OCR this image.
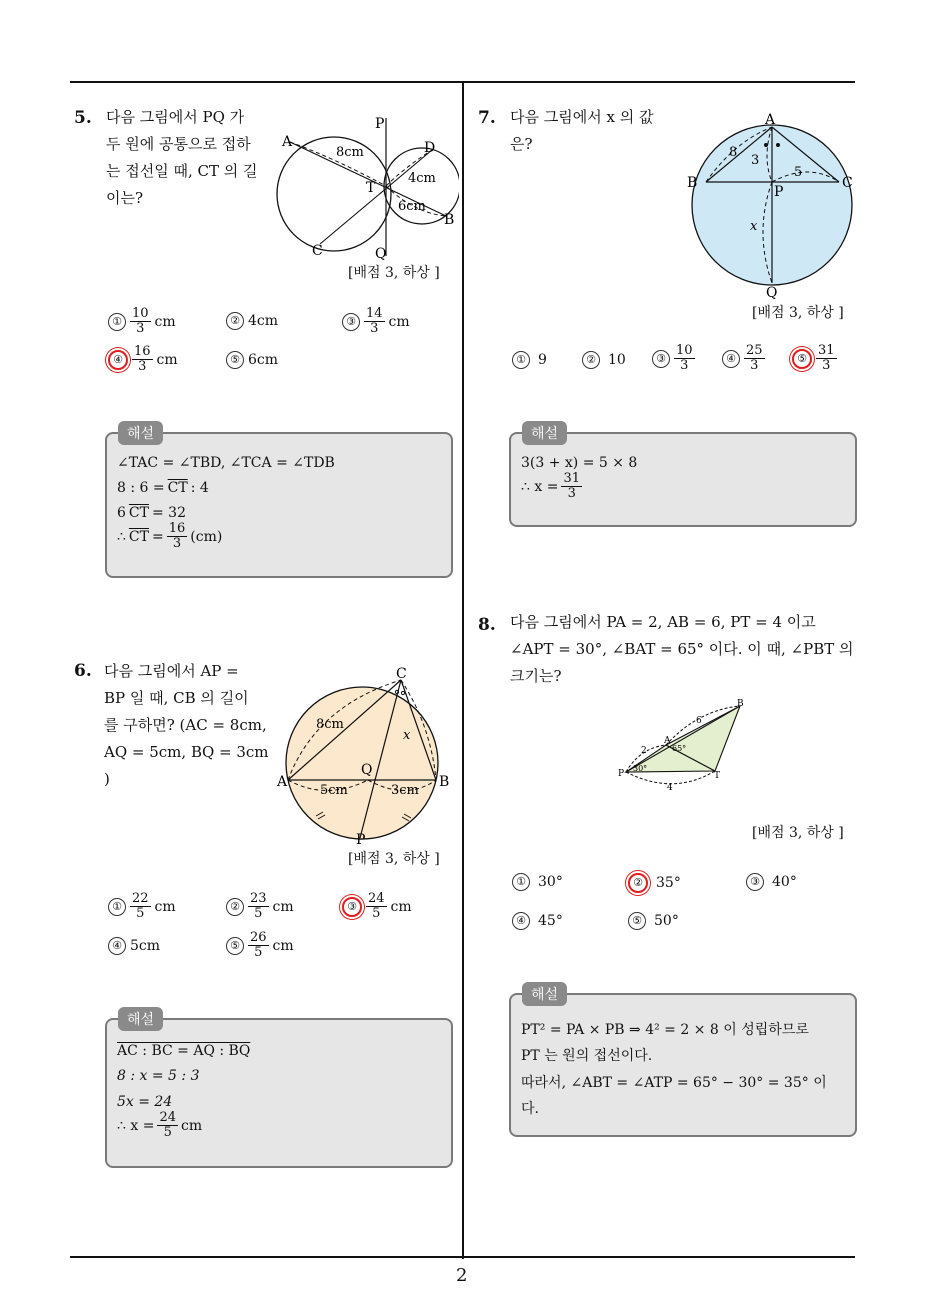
2
5. 다음 그림에서 PQ 가
두 원에 공통으로 접하
는 접선일 때, CT 의 길
이는?
P
A	D
T
C	Q
B
8cm
4cm
6cm
[배점 3, 하상 ]
① $\frac{10}{3}$ cm	② 4cm	③ $\frac{14}{3}$ cm
④ $\frac{16}{3}$ cm	⑤ 6cm
해설
∠TAC = ∠TBD, ∠TCA = ∠TDB
8 : $6 = \overline{CT}$ : 4
6 $\overline{CT} = 32$
∴ $\overline{CT} = \frac{16}{3} (cm)$
6. 다음 그림에서 AP =
BP 일 때, CB 의 길이
를 구하면? (AC = 8cm,
AQ = 5cm, BQ = 3cm
)
C
A	B
Q
P
x
8cm
5cm	3cm
[배점 3, 하상 ]
① $\frac{22}{5}$ cm	② $\frac{23}{5}$ cm	③ $\frac{24}{5}$ cm
④ 5cm	⑤ $\frac{26}{5}$ cm
해설
AC : BC = AQ : BQ
8 : x = 5 : 3
5x = 24
∴ $x = \frac{24}{5}$ cm
7. 다음 그림에서 x 의 값
은?
A
B	C
P
Q
x
8
3
5
[배점 3, 하상 ]
① 9	② 10	③ $\frac{10}{3}$	④ $\frac{25}{3}$	⑤ $\frac{31}{3}$
해설
3(3 + x) = 5 × 8
∴ $x = \frac{31}{3}$
8. 다음 그림에서 PA = 2, AB = 6, PT = 4 이고
∠APT = 30°, ∠BAT = 65° 이다. 이 때, ∠PBT 의
크기는?
P
A
B
T
2
6
4
30°
65°
[배점 3, 하상 ]
① 30°	② 35°	③ 40°
④ 45°	⑤ 50°
해설
PT² = PA × PB ⇒ 4² = 2 × 8 이 성립하므로
PT 는 원의 접선이다.
따라서, ∠ABT = ∠ATP = 65° − 30° = 35° 이
다.
